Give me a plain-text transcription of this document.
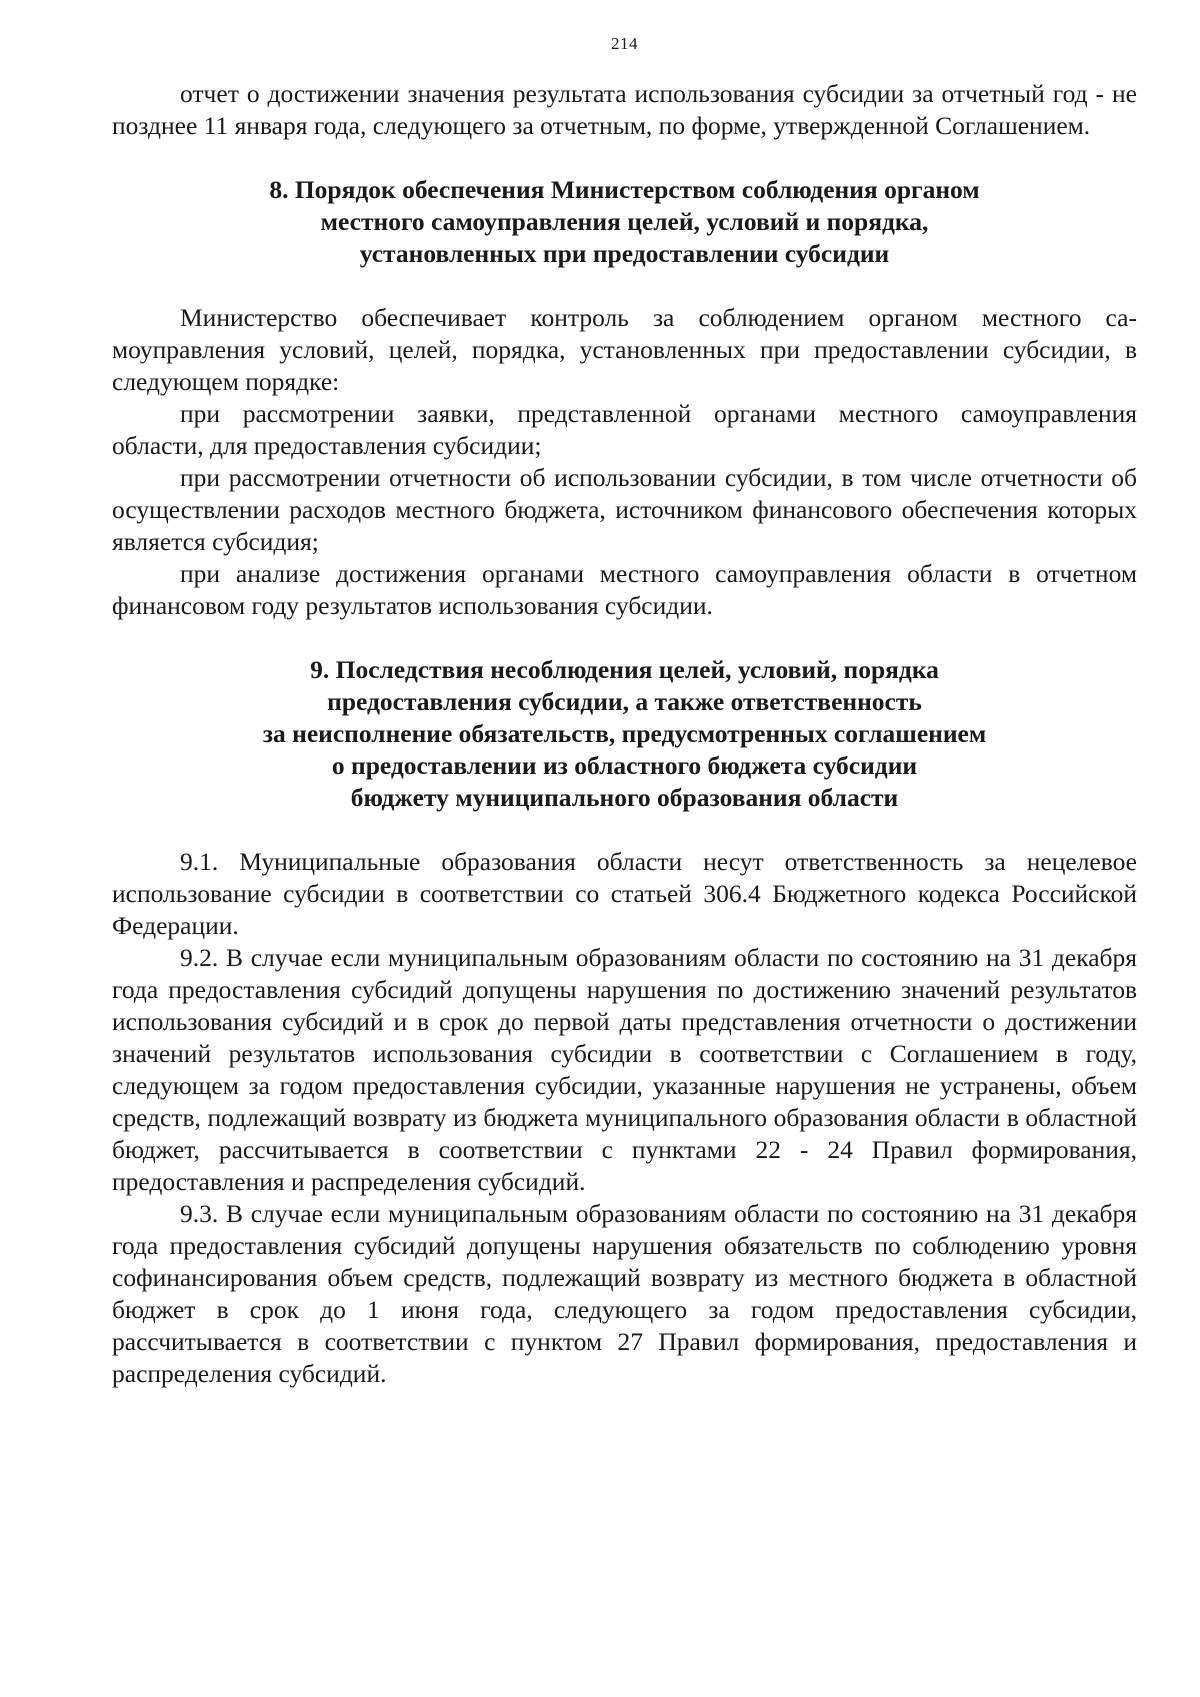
214

отчет о достижении значения результата использования субсидии за отчетный год - не позднее 11 января года, следующего за отчетным, по форме, утвержденной Соглашением.

8. Порядок обеспечения Министерством соблюдения органом
местного самоуправления целей, условий и порядка,
установленных при предоставлении субсидии

Министерство обеспечивает контроль за соблюдением органом местного самоуправления условий, целей, порядка, установленных при предоставлении субсидии, в следующем порядке:

при рассмотрении заявки, представленной органами местного самоуправления области, для предоставления субсидии;

при рассмотрении отчетности об использовании субсидии, в том числе отчетности об осуществлении расходов местного бюджета, источником финансового обеспечения которых является субсидия;

при анализе достижения органами местного самоуправления области в отчетном финансовом году результатов использования субсидии.

9. Последствия несоблюдения целей, условий, порядка
предоставления субсидии, а также ответственность
за неисполнение обязательств, предусмотренных соглашением
о предоставлении из областного бюджета субсидии
бюджету муниципального образования области

9.1. Муниципальные образования области несут ответственность за нецелевое использование субсидии в соответствии со статьей 306.4 Бюджетного кодекса Российской Федерации.

9.2. В случае если муниципальным образованиям области по состоянию на 31 декабря года предоставления субсидий допущены нарушения по достижению значений результатов использования субсидий и в срок до первой даты представления отчетности о достижении значений результатов использования субсидии в соответствии с Соглашением в году, следующем за годом предоставления субсидии, указанные нарушения не устранены, объем средств, подлежащий возврату из бюджета муниципального образования области в областной бюджет, рассчитывается в соответствии с пунктами 22 - 24 Правил формирования, предоставления и распределения субсидий.

9.3. В случае если муниципальным образованиям области по состоянию на 31 декабря года предоставления субсидий допущены нарушения обязательств по соблюдению уровня софинансирования объем средств, подлежащий возврату из местного бюджета в областной бюджет в срок до 1 июня года, следующего за годом предоставления субсидии, рассчитывается в соответствии с пунктом 27 Правил формирования, предоставления и распределения субсидий.
